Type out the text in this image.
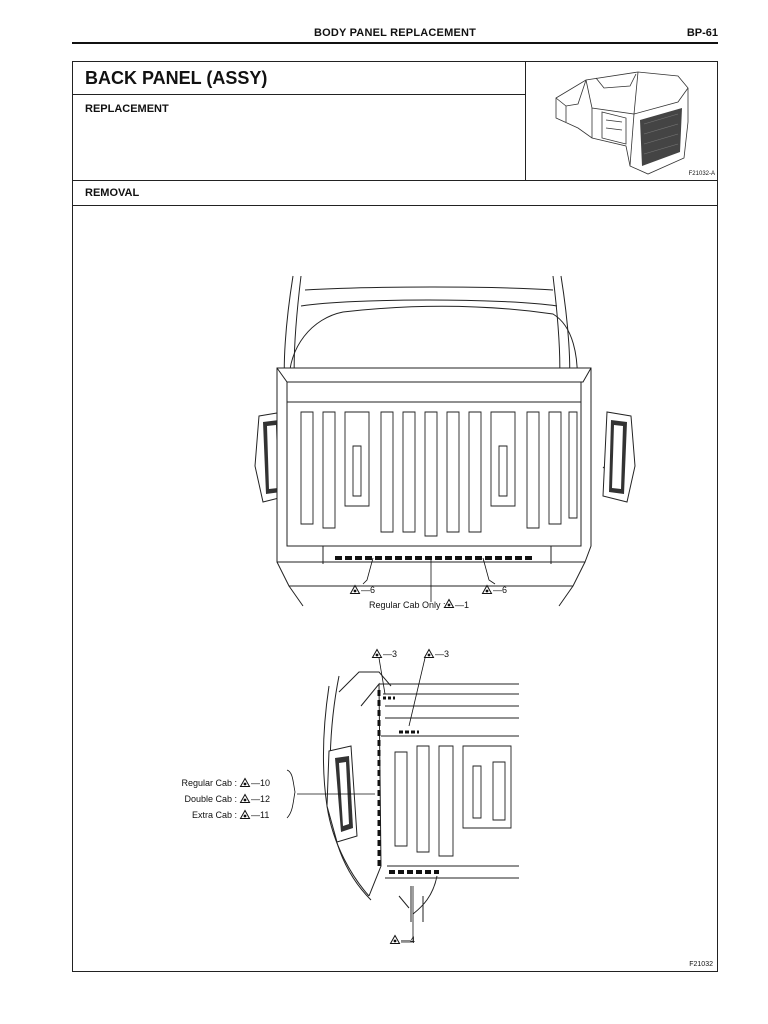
BODY PANEL REPLACEMENT	BP-61
BACK PANEL (ASSY)
REPLACEMENT
F21032-A
REMOVAL
—6	—6
Regular Cab Only : —1
—3	—3
Regular Cab : —10
Double Cab : —12
Extra Cab : —11
—4
F21032
